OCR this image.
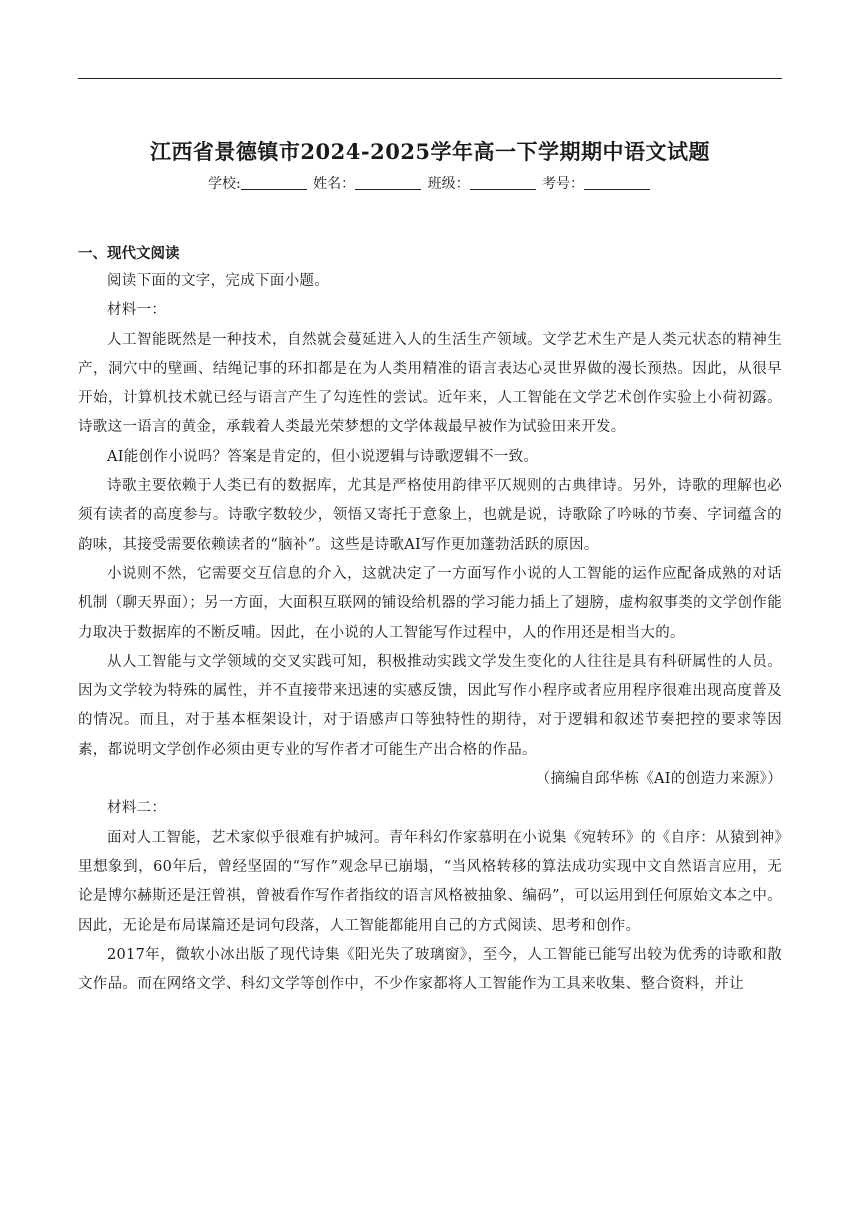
江西省景德镇市2024-2025学年高一下学期期中语文试题
学校:	姓名：	班级：	考号：
一、现代文阅读

阅读下面的文字，完成下面小题。

材料一：

人工智能既然是一种技术，自然就会蔓延进入人的生活生产领域。文学艺术生产是人类元状态的精神生产，洞穴中的壁画、结绳记事的环扣都是在为人类用精准的语言表达心灵世界做的漫长预热。因此，从很早开始，计算机技术就已经与语言产生了勾连性的尝试。近年来，人工智能在文学艺术创作实验上小荷初露。诗歌这一语言的黄金，承载着人类最光荣梦想的文学体裁最早被作为试验田来开发。

AI能创作小说吗？答案是肯定的，但小说逻辑与诗歌逻辑不一致。

诗歌主要依赖于人类已有的数据库，尤其是严格使用韵律平仄规则的古典律诗。另外，诗歌的理解也必须有读者的高度参与。诗歌字数较少，领悟又寄托于意象上，也就是说，诗歌除了吟咏的节奏、字词蕴含的韵味，其接受需要依赖读者的“脑补”。这些是诗歌AI写作更加蓬勃活跃的原因。

小说则不然，它需要交互信息的介入，这就决定了一方面写作小说的人工智能的运作应配备成熟的对话机制（聊天界面）；另一方面，大面积互联网的铺设给机器的学习能力插上了翅膀，虚构叙事类的文学创作能力取决于数据库的不断反哺。因此，在小说的人工智能写作过程中，人的作用还是相当大的。

从人工智能与文学领域的交叉实践可知，积极推动实践文学发生变化的人往往是具有科研属性的人员。因为文学较为特殊的属性，并不直接带来迅速的实感反馈，因此写作小程序或者应用程序很难出现高度普及的情况。而且，对于基本框架设计，对于语感声口等独特性的期待，对于逻辑和叙述节奏把控的要求等因素，都说明文学创作必须由更专业的写作者才可能生产出合格的作品。

（摘编自邱华栋《AI的创造力来源》）

材料二：

面对人工智能，艺术家似乎很难有护城河。青年科幻作家慕明在小说集《宛转环》的《自序：从猿到神》里想象到，60年后，曾经坚固的“写作”观念早已崩塌，“当风格转移的算法成功实现中文自然语言应用，无论是博尔赫斯还是汪曾祺，曾被看作写作者指纹的语言风格被抽象、编码”，可以运用到任何原始文本之中。因此，无论是布局谋篇还是词句段落，人工智能都能用自己的方式阅读、思考和创作。

2017年，微软小冰出版了现代诗集《阳光失了玻璃窗》，至今，人工智能已能写出较为优秀的诗歌和散文作品。而在网络文学、科幻文学等创作中，不少作家都将人工智能作为工具来收集、整合资料，并让
